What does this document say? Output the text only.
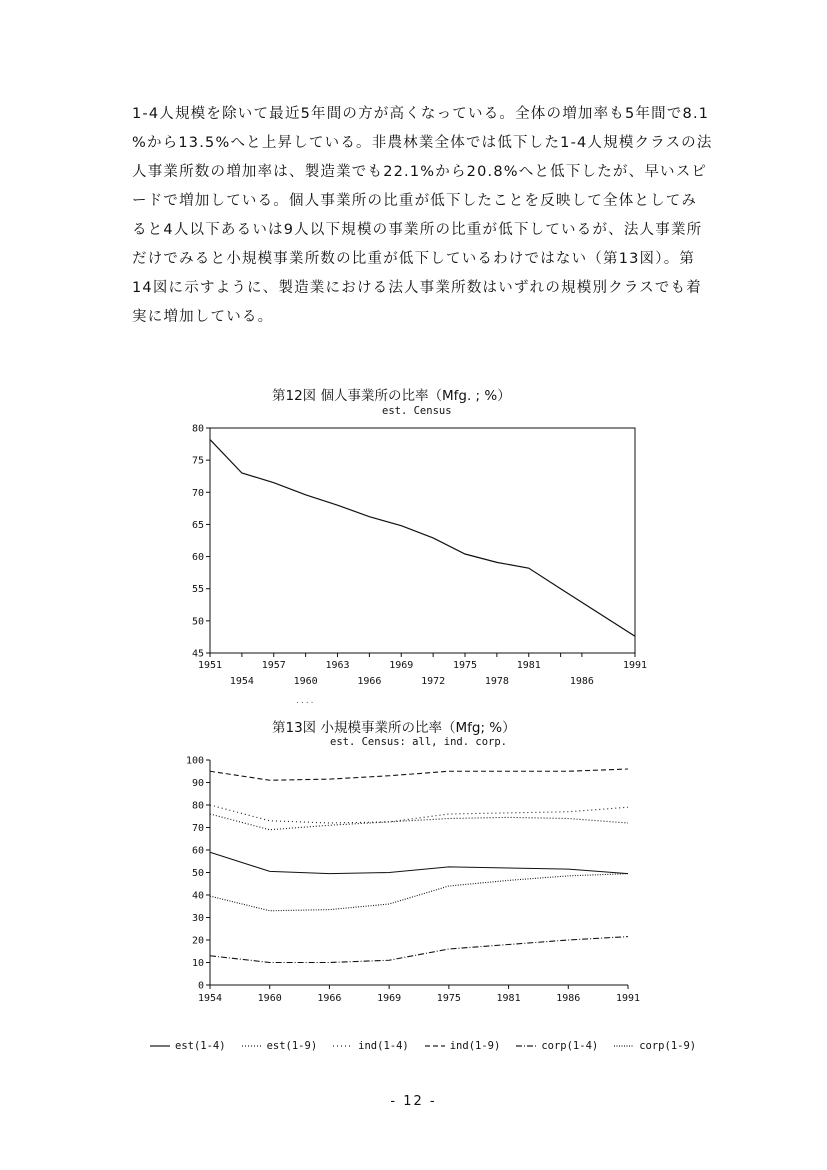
1-4人規模を除いて最近5年間の方が高くなっている。全体の増加率も5年間で8.1
%から13.5%へと上昇している。非農林業全体では低下した1-4人規模クラスの法
人事業所数の増加率は、製造業でも22.1%から20.8%へと低下したが、早いスピ
ードで増加している。個人事業所の比重が低下したことを反映して全体としてみ
ると4人以下あるいは9人以下規模の事業所の比重が低下しているが、法人事業所
だけでみると小規模事業所数の比重が低下しているわけではない（第13図）。第
14図に示すように、製造業における法人事業所数はいずれの規模別クラスでも着
実に増加している。
第12図 個人事業所の比率（Mfg. ; %）
est. Census
45
50
55
60
65
70
75
80
1951	1957	1963	1969	1975	1981	1991
1954	1960	1966	1972	1978	1986
....
第13図 小規模事業所の比率（Mfg; %）
est. Census: all, ind. corp.
0
10
20
30
40
50
60
70
80
90
100
1954	1960	1966	1969	1975	1981	1986	1991
est(1-4)	est(1-9)	ind(1-4)	ind(1-9)	corp(1-4)	corp(1-9)
- 12 -
